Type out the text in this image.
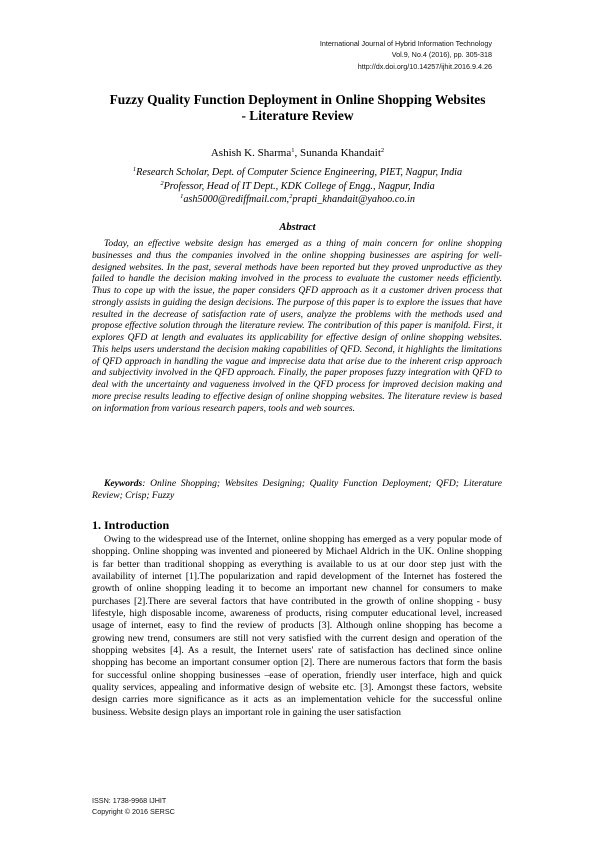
International Journal of Hybrid Information Technology
Vol.9, No.4 (2016), pp. 305-318
http://dx.doi.org/10.14257/ijhit.2016.9.4.26
Fuzzy Quality Function Deployment in Online Shopping Websites
- Literature Review
Ashish K. Sharma$^1$, Sunanda Khandait$^2$
$^1$Research Scholar, Dept. of Computer Science Engineering, PIET, Nagpur, India
$^2$Professor, Head of IT Dept., KDK College of Engg., Nagpur, India
$^1$ash5000@rediffmail.com,$^2$prapti_khandait@yahoo.co.in
Abstract

Today, an effective website design has emerged as a thing of main concern for online shopping businesses and thus the companies involved in the online shopping businesses are aspiring for well-designed websites. In the past, several methods have been reported but they proved unproductive as they failed to handle the decision making involved in the process to evaluate the customer needs efficiently. Thus to cope up with the issue, the paper considers QFD approach as it a customer driven process that strongly assists in guiding the design decisions. The purpose of this paper is to explore the issues that have resulted in the decrease of satisfaction rate of users, analyze the problems with the methods used and propose effective solution through the literature review. The contribution of this paper is manifold. First, it explores QFD at length and evaluates its applicability for effective design of online shopping websites. This helps users understand the decision making capabilities of QFD. Second, it highlights the limitations of QFD approach in handling the vague and imprecise data that arise due to the inherent crisp approach and subjectivity involved in the QFD approach. Finally, the paper proposes fuzzy integration with QFD to deal with the uncertainty and vagueness involved in the QFD process for improved decision making and more precise results leading to effective design of online shopping websites. The literature review is based on information from various research papers, tools and web sources.

Keywords: Online Shopping; Websites Designing; Quality Function Deployment; QFD; Literature Review; Crisp; Fuzzy

1. Introduction

Owing to the widespread use of the Internet, online shopping has emerged as a very popular mode of shopping. Online shopping was invented and pioneered by Michael Aldrich in the UK. Online shopping is far better than traditional shopping as everything is available to us at our door step just with the availability of internet [1].The popularization and rapid development of the Internet has fostered the growth of online shopping leading it to become an important new channel for consumers to make purchases [2].There are several factors that have contributed in the growth of online shopping - busy lifestyle, high disposable income, awareness of products, rising computer educational level, increased usage of internet, easy to find the review of products [3]. Although online shopping has become a growing new trend, consumers are still not very satisfied with the current design and operation of the shopping websites [4]. As a result, the Internet users' rate of satisfaction has declined since online shopping has become an important consumer option [2]. There are numerous factors that form the basis for successful online shopping businesses –ease of operation, friendly user interface, high and quick quality services, appealing and informative design of website etc. [3]. Amongst these factors, website design carries more significance as it acts as an implementation vehicle for the successful online business. Website design plays an important role in gaining the user satisfaction

ISSN: 1738-9968 IJHIT
Copyright © 2016 SERSC
